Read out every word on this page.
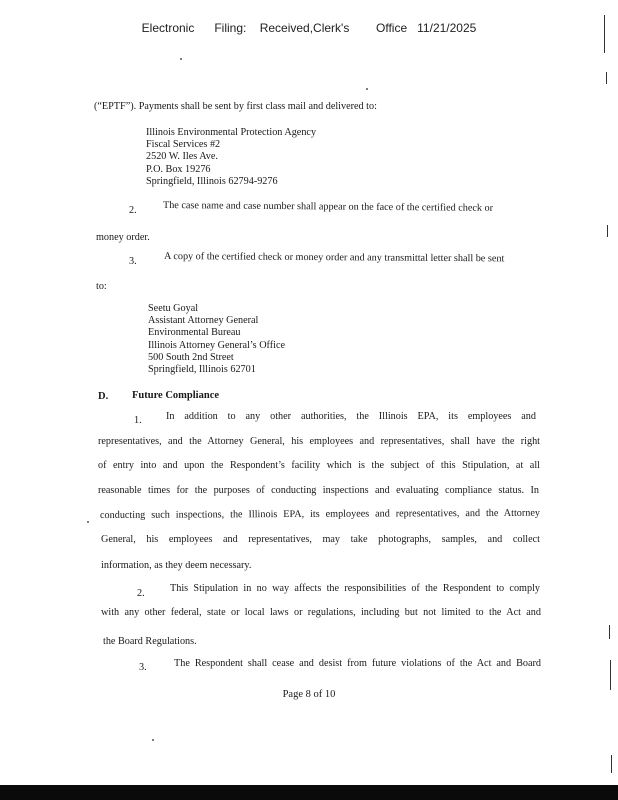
Electronic      Filing:    Received,Clerk's        Office   11/21/2025
(“EPTF”). Payments shall be sent by first class mail and delivered to:
Illinois Environmental Protection Agency
Fiscal Services #2
2520 W. Iles Ave.
P.O. Box 19276
Springfield, Illinois 62794-9276
2.	The case name and case number shall appear on the face of the certified check or
money order.
3.	A copy of the certified check or money order and any transmittal letter shall be sent
to:
Seetu Goyal
Assistant Attorney General
Environmental Bureau
Illinois Attorney General’s Office
500 South 2nd Street
Springfield, Illinois 62701
D. Future Compliance
1. In addition to any other authorities, the Illinois EPA, its employees and
representatives, and the Attorney General, his employees and representatives, shall have the right
of entry into and upon the Respondent’s facility which is the subject of this Stipulation, at all
reasonable times for the purposes of conducting inspections and evaluating compliance status. In
conducting such inspections, the Illinois EPA, its employees and representatives, and the Attorney
General, his employees and representatives, may take photographs, samples, and collect
information, as they deem necessary.
2. This Stipulation in no way affects the responsibilities of the Respondent to comply
with any other federal, state or local laws or regulations, including but not limited to the Act and
the Board Regulations.
3.	The Respondent shall cease and desist from future violations of the Act and Board
Page 8 of 10
